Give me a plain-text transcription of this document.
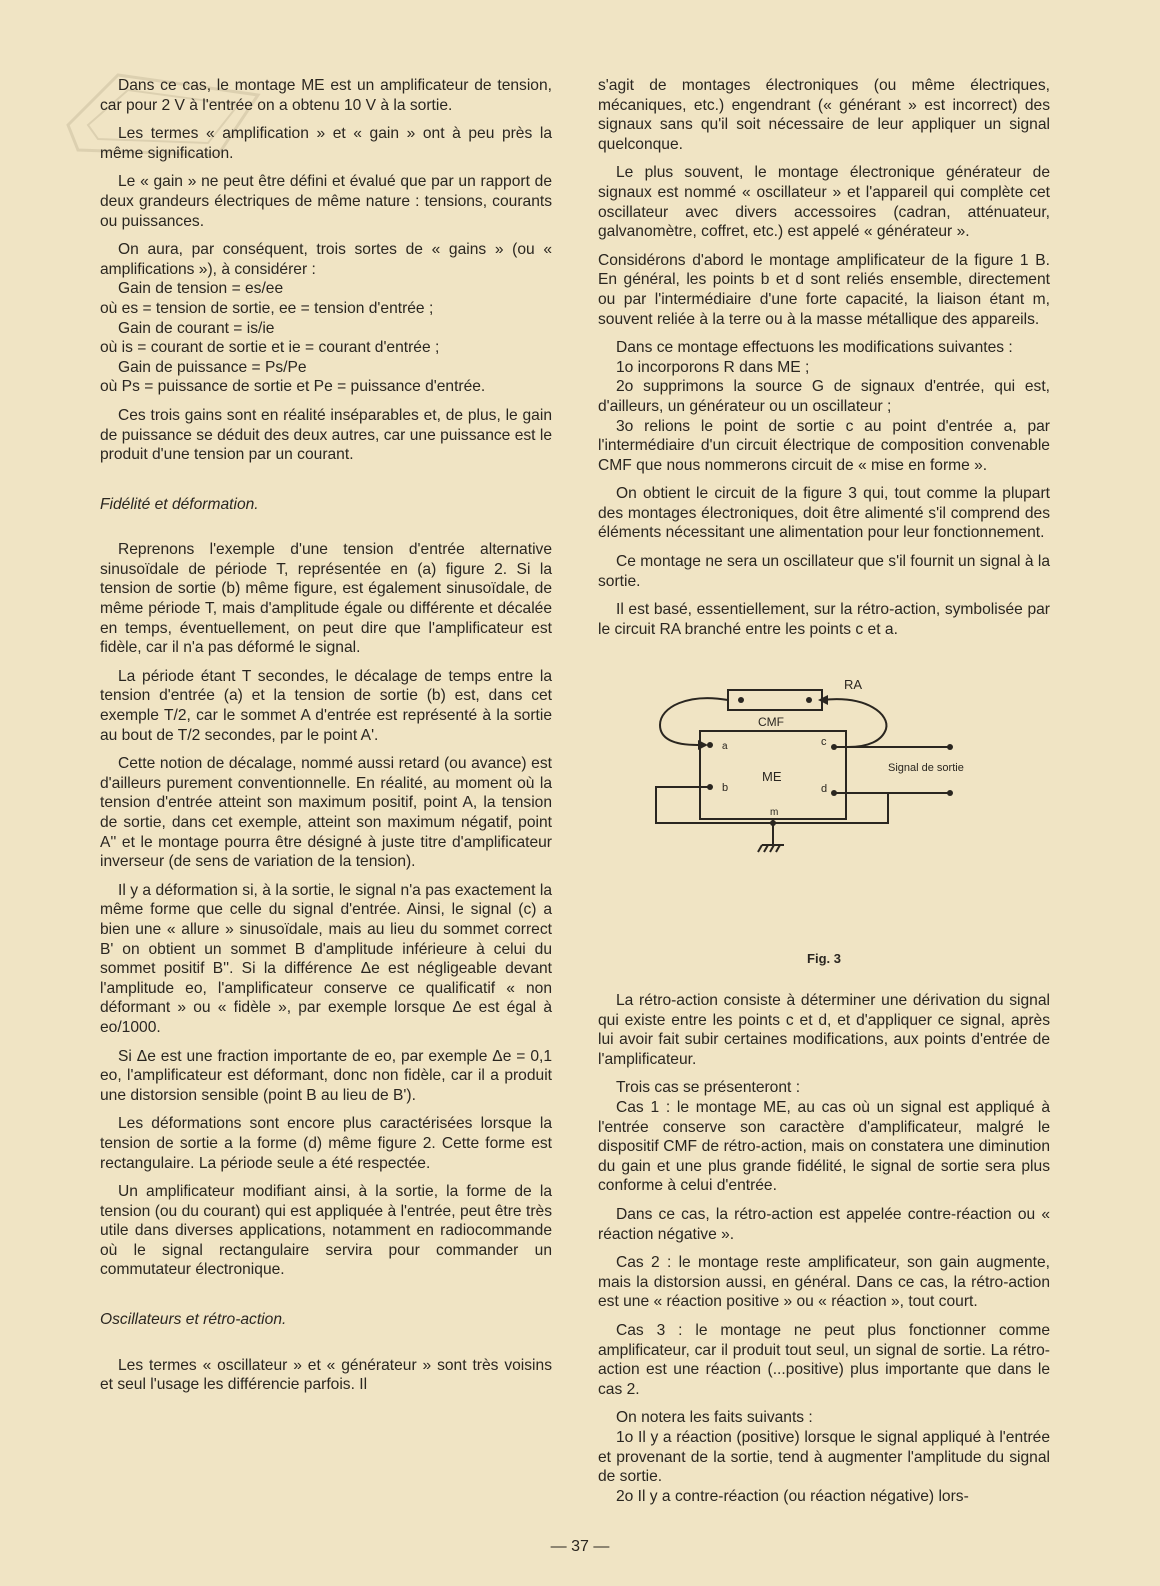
Dans ce cas, le montage ME est un amplificateur de tension, car pour 2 V à l'entrée on a obtenu 10 V à la sortie.

Les termes « amplification » et « gain » ont à peu près la même signification.

Le « gain » ne peut être défini et évalué que par un rapport de deux grandeurs électriques de même nature : tensions, courants ou puissances.

On aura, par conséquent, trois sortes de « gains » (ou « amplifications »), à considérer :

Gain de tension = es/ee
où es = tension de sortie, ee = tension d'entrée ;
Gain de courant = is/ie
où is = courant de sortie et ie = courant d'entrée ;
Gain de puissance = Ps/Pe

où Ps = puissance de sortie et Pe = puissance d'entrée.

Ces trois gains sont en réalité inséparables et, de plus, le gain de puissance se déduit des deux autres, car une puissance est le produit d'une tension par un courant.

Fidélité et déformation.

Reprenons l'exemple d'une tension d'entrée alternative sinusoïdale de période T, représentée en (a) figure 2. Si la tension de sortie (b) même figure, est également sinusoïdale, de même période T, mais d'amplitude égale ou différente et décalée en temps, éventuellement, on peut dire que l'amplificateur est fidèle, car il n'a pas déformé le signal.

La période étant T secondes, le décalage de temps entre la tension d'entrée (a) et la tension de sortie (b) est, dans cet exemple T/2, car le sommet A d'entrée est représenté à la sortie au bout de T/2 secondes, par le point A'.

Cette notion de décalage, nommé aussi retard (ou avance) est d'ailleurs purement conventionnelle. En réalité, au moment où la tension d'entrée atteint son maximum positif, point A, la tension de sortie, dans cet exemple, atteint son maximum négatif, point A'' et le montage pourra être désigné à juste titre d'amplificateur inverseur (de sens de variation de la tension).

Il y a déformation si, à la sortie, le signal n'a pas exactement la même forme que celle du signal d'entrée. Ainsi, le signal (c) a bien une « allure » sinusoïdale, mais au lieu du sommet correct B' on obtient un sommet B d'amplitude inférieure à celui du sommet positif B''. Si la différence Δe est négligeable devant l'amplitude eo, l'amplificateur conserve ce qualificatif « non déformant » ou « fidèle », par exemple lorsque Δe est égal à eo/1000.

Si Δe est une fraction importante de eo, par exemple Δe = 0,1 eo, l'amplificateur est déformant, donc non fidèle, car il a produit une distorsion sensible (point B au lieu de B').

Les déformations sont encore plus caractérisées lorsque la tension de sortie a la forme (d) même figure 2. Cette forme est rectangulaire. La période seule a été respectée.

Un amplificateur modifiant ainsi, à la sortie, la forme de la tension (ou du courant) qui est appliquée à l'entrée, peut être très utile dans diverses applications, notamment en radiocommande où le signal rectangulaire servira pour commander un commutateur électronique.

Oscillateurs et rétro-action.

Les termes « oscillateur » et « générateur » sont très voisins et seul l'usage les différencie parfois. Il

s'agit de montages électroniques (ou même électriques, mécaniques, etc.) engendrant (« générant » est incorrect) des signaux sans qu'il soit nécessaire de leur appliquer un signal quelconque.

Le plus souvent, le montage électronique générateur de signaux est nommé « oscillateur » et l'appareil qui complète cet oscillateur avec divers accessoires (cadran, atténuateur, galvanomètre, coffret, etc.) est appelé « générateur ».

Considérons d'abord le montage amplificateur de la figure 1 B. En général, les points b et d sont reliés ensemble, directement ou par l'intermédiaire d'une forte capacité, la liaison étant m, souvent reliée à la terre ou à la masse métallique des appareils.

Dans ce montage effectuons les modifications suivantes :

1o incorporons R dans ME ;

2o supprimons la source G de signaux d'entrée, qui est, d'ailleurs, un générateur ou un oscillateur ;

3o relions le point de sortie c au point d'entrée a, par l'intermédiaire d'un circuit électrique de composition convenable CMF que nous nommerons circuit de « mise en forme ».

On obtient le circuit de la figure 3 qui, tout comme la plupart des montages électroniques, doit être alimenté s'il comprend des éléments nécessitant une alimentation pour leur fonctionnement.

Ce montage ne sera un oscillateur que s'il fournit un signal à la sortie.

Il est basé, essentiellement, sur la rétro-action, symbolisée par le circuit RA branché entre les points c et a.

RA
CMF
ME
a
b
c
d
m
Signal de sortie
Fig. 3

La rétro-action consiste à déterminer une dérivation du signal qui existe entre les points c et d, et d'appliquer ce signal, après lui avoir fait subir certaines modifications, aux points d'entrée de l'amplificateur.

Trois cas se présenteront :

Cas 1 : le montage ME, au cas où un signal est appliqué à l'entrée conserve son caractère d'amplificateur, malgré le dispositif CMF de rétro-action, mais on constatera une diminution du gain et une plus grande fidélité, le signal de sortie sera plus conforme à celui d'entrée.

Dans ce cas, la rétro-action est appelée contre-réaction ou « réaction négative ».

Cas 2 : le montage reste amplificateur, son gain augmente, mais la distorsion aussi, en général. Dans ce cas, la rétro-action est une « réaction positive » ou « réaction », tout court.

Cas 3 : le montage ne peut plus fonctionner comme amplificateur, car il produit tout seul, un signal de sortie. La rétro-action est une réaction (...positive) plus importante que dans le cas 2.

On notera les faits suivants :

1o Il y a réaction (positive) lorsque le signal appliqué à l'entrée et provenant de la sortie, tend à augmenter l'amplitude du signal de sortie.

2o Il y a contre-réaction (ou réaction négative) lors-

— 37 —
